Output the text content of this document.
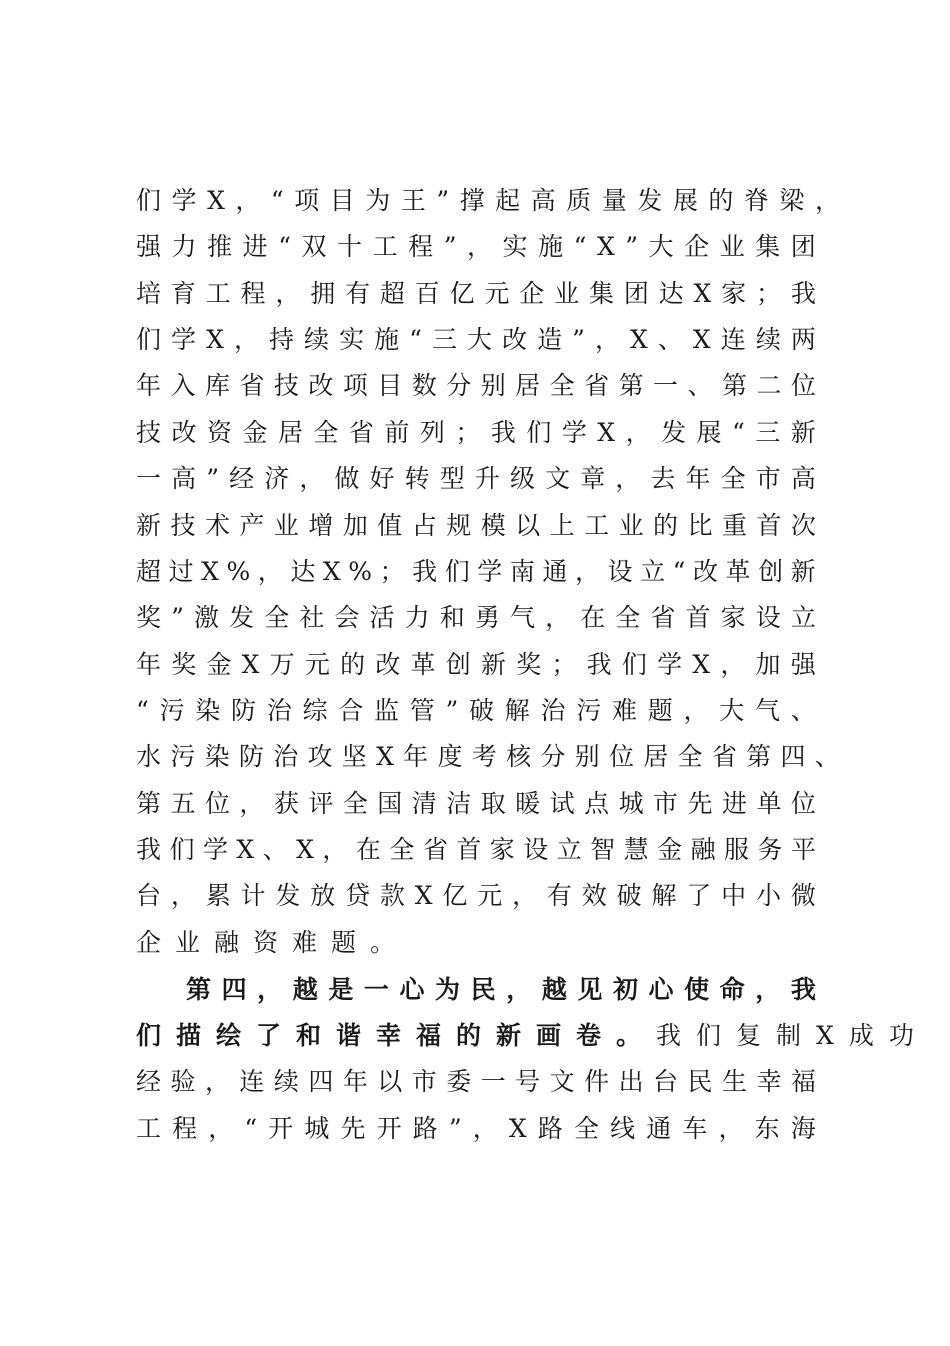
们 学 X ， “ 项 目 为 王 ” 撑 起 高 质 量 发 展 的 脊 梁 ，
强 力 推 进 “ 双 十 工 程 ” ， 实 施 “ X ” 大 企 业 集 团
培 育 工 程 ， 拥 有 超 百 亿 元 企 业 集 团 达 X 家 ； 我
们 学 X ， 持 续 实 施 “ 三 大 改 造 ” ， X 、 X 连 续 两
年 入 库 省 技 改 项 目 数 分 别 居 全 省 第 一 、 第 二 位
技 改 资 金 居 全 省 前 列 ； 我 们 学 X ， 发 展 “ 三 新
一 高 ” 经 济 ， 做 好 转 型 升 级 文 章 ， 去 年 全 市 高
新 技 术 产 业 增 加 值 占 规 模 以 上 工 业 的 比 重 首 次
超 过 X % ， 达 X % ； 我 们 学 南 通 ， 设 立 “ 改 革 创 新
奖 ” 激 发 全 社 会 活 力 和 勇 气 ， 在 全 省 首 家 设 立
年 奖 金 X 万 元 的 改 革 创 新 奖 ； 我 们 学 X ， 加 强
“ 污 染 防 治 综 合 监 管 ” 破 解 治 污 难 题 ， 大 气 、
水 污 染 防 治 攻 坚 X 年 度 考 核 分 别 位 居 全 省 第 四 、
第 五 位 ， 获 评 全 国 清 洁 取 暖 试 点 城 市 先 进 单 位
我 们 学 X 、 X ， 在 全 省 首 家 设 立 智 慧 金 融 服 务 平
台 ， 累 计 发 放 贷 款 X 亿 元 ， 有 效 破 解 了 中 小 微
企业融资难题。
第 四 ， 越 是 一 心 为 民 ， 越 见 初 心 使 命 ， 我
们描绘了和谐幸福的新画卷。我们复制X成功
经 验 ， 连 续 四 年 以 市 委 一 号 文 件 出 台 民 生 幸 福
工 程 ， “ 开 城 先 开 路 ” ， X 路 全 线 通 车 ， 东 海
